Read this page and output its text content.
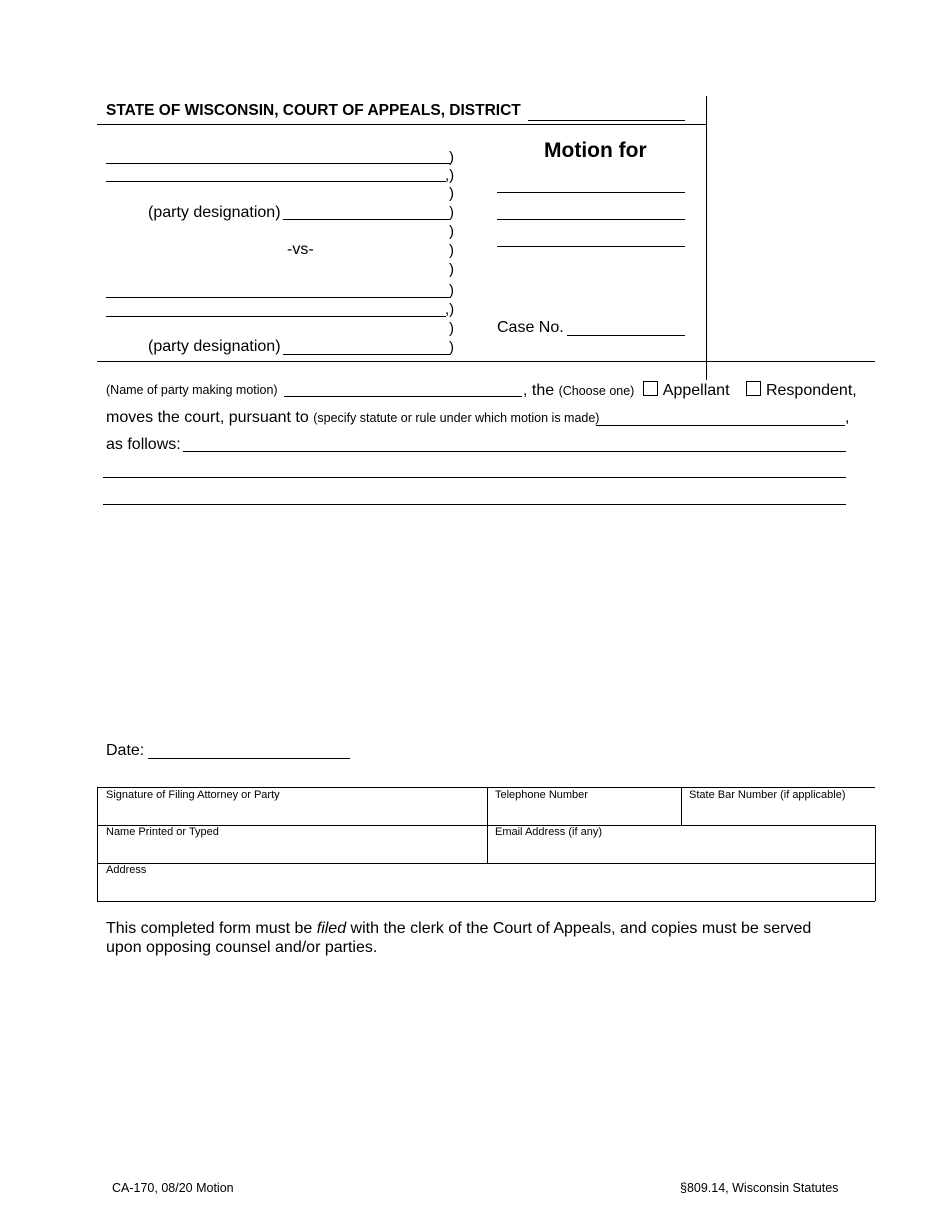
STATE OF WISCONSIN, COURT OF APPEALS, DISTRICT
(party designation)
-vs-
(party designation)
)
,)
)
)
)
)
)
)
,)
)
)
Motion for
Case No.
(Name of party making motion)	, the (Choose one) Appellant Respondent,
moves the court, pursuant to (specify statute or rule under which motion is made)	,
as follows:
Date:
Signature of Filing Attorney or Party	Telephone Number	State Bar Number (if applicable)
Name Printed or Typed	Email Address (if any)
Address
This completed form must be filed with the clerk of the Court of Appeals, and copies must be served upon opposing counsel and/or parties.
CA-170, 08/20 Motion	§809.14, Wisconsin Statutes
